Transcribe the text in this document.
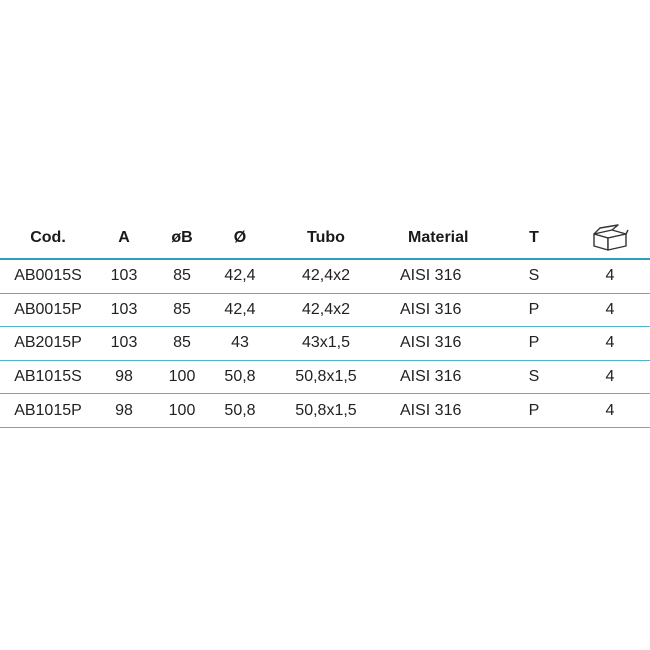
Cod.	A	øB	Ø	Tubo	Material	T
AB0015S	103	85	42,4	42,4x2	AISI 316	S	4
AB0015P	103	85	42,4	42,4x2	AISI 316	P	4
AB2015P	103	85	43	43x1,5	AISI 316	P	4
AB1015S	98	100	50,8	50,8x1,5	AISI 316	S	4
AB1015P	98	100	50,8	50,8x1,5	AISI 316	P	4
